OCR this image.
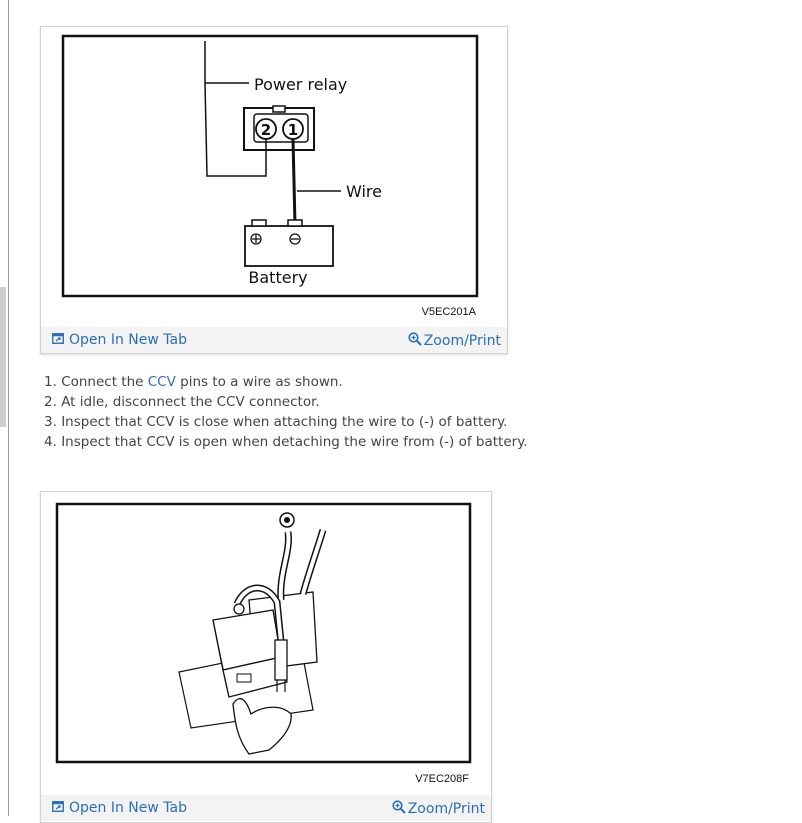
2 1
Power relay
Wire
Battery
V5EC201A
Open In New Tab	Zoom/Print
1. Connect the CCV pins to a wire as shown.
2. At idle, disconnect the CCV connector.
3. Inspect that CCV is close when attaching the wire to (-) of battery.
4. Inspect that CCV is open when detaching the wire from (-) of battery.
V7EC208F
Open In New Tab	Zoom/Print
